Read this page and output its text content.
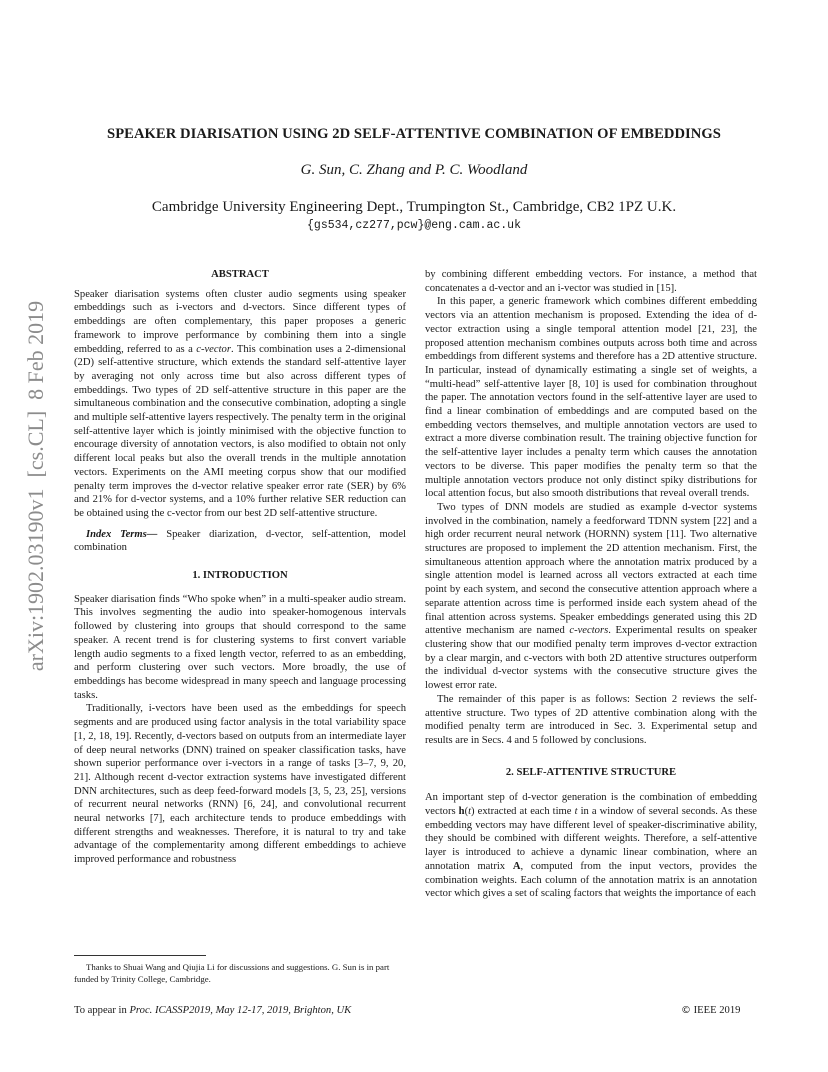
arXiv:1902.03190v1  [cs.CL]  8 Feb 2019
SPEAKER DIARISATION USING 2D SELF-ATTENTIVE COMBINATION OF EMBEDDINGS
G. Sun, C. Zhang and P. C. Woodland
Cambridge University Engineering Dept., Trumpington St., Cambridge, CB2 1PZ U.K.
{gs534,cz277,pcw}@eng.cam.ac.uk
ABSTRACT

Speaker diarisation systems often cluster audio segments using speaker embeddings such as i-vectors and d-vectors. Since different types of embeddings are often complementary, this paper proposes a generic framework to improve performance by combining them into a single embedding, referred to as a c-vector. This combination uses a 2-dimensional (2D) self-attentive structure, which extends the standard self-attentive layer by averaging not only across time but also across different types of embeddings. Two types of 2D self-attentive structure in this paper are the simultaneous combination and the consecutive combination, adopting a single and multiple self-attentive layers respectively. The penalty term in the original self-attentive layer which is jointly minimised with the objective function to encourage diversity of annotation vectors, is also modified to obtain not only different local peaks but also the overall trends in the multiple annotation vectors. Experiments on the AMI meeting corpus show that our modified penalty term improves the d-vector relative speaker error rate (SER) by 6% and 21% for d-vector systems, and a 10% further relative SER reduction can be obtained using the c-vector from our best 2D self-attentive structure.

Index Terms— Speaker diarization, d-vector, self-attention, model combination

1. INTRODUCTION

Speaker diarisation finds “Who spoke when” in a multi-speaker audio stream. This involves segmenting the audio into speaker-homogenous intervals followed by clustering into groups that should correspond to the same speaker. A recent trend is for clustering systems to first convert variable length audio segments to a fixed length vector, referred to as an embedding, and perform clustering over such vectors. More broadly, the use of embeddings has become widespread in many speech and language processing tasks.

Traditionally, i-vectors have been used as the embeddings for speech segments and are produced using factor analysis in the total variability space [1, 2, 18, 19]. Recently, d-vectors based on outputs from an intermediate layer of deep neural networks (DNN) trained on speaker classification tasks, have shown superior performance over i-vectors in a range of tasks [3–7, 9, 20, 21]. Although recent d-vector extraction systems have investigated different DNN architectures, such as deep feed-forward models [3, 5, 23, 25], versions of recurrent neural networks (RNN) [6, 24], and convolutional recurrent neural networks [7], each architecture tends to produce embeddings with different strengths and weaknesses. Therefore, it is natural to try and take advantage of the complementarity among different embeddings to achieve improved performance and robustness

by combining different embedding vectors. For instance, a method that concatenates a d-vector and an i-vector was studied in [15].

In this paper, a generic framework which combines different embedding vectors via an attention mechanism is proposed. Extending the idea of d-vector extraction using a single temporal attention model [21, 23], the proposed attention mechanism combines outputs across both time and across embeddings from different systems and therefore has a 2D attentive structure. In particular, instead of dynamically estimating a single set of weights, a “multi-head” self-attentive layer [8, 10] is used for combination throughout the paper. The annotation vectors found in the self-attentive layer are used to find a linear combination of embeddings and are computed based on the embedding vectors themselves, and multiple annotation vectors are used to extract a more diverse combination result. The training objective function for the self-attentive layer includes a penalty term which causes the annotation vectors to be diverse. This paper modifies the penalty term so that the multiple annotation vectors produce not only distinct spiky distributions for local attention focus, but also smooth distributions that reveal overall trends.

Two types of DNN models are studied as example d-vector systems involved in the combination, namely a feedforward TDNN system [22] and a high order recurrent neural network (HORNN) system [11]. Two alternative structures are proposed to implement the 2D attention mechanism. First, the simultaneous attention approach where the annotation matrix produced by a single attention model is learned across all vectors extracted at each time point by each system, and second the consecutive attention approach where a separate attention across time is performed inside each system ahead of the final attention across systems. Speaker embeddings generated using this 2D attentive mechanism are named c-vectors. Experimental results on speaker clustering show that our modified penalty term improves d-vector extraction by a clear margin, and c-vectors with both 2D attentive structures outperform the individual d-vector systems with the consecutive structure gives the lowest error rate.

The remainder of this paper is as follows: Section 2 reviews the self-attentive structure. Two types of 2D attentive combination along with the modified penalty term are introduced in Sec. 3. Experimental setup and results are in Secs. 4 and 5 followed by conclusions.

2. SELF-ATTENTIVE STRUCTURE

An important step of d-vector generation is the combination of embedding vectors h(t) extracted at each time t in a window of several seconds. As these embedding vectors may have different level of speaker-discriminative ability, they should be combined with different weights. Therefore, a self-attentive layer is introduced to achieve a dynamic linear combination, where an annotation matrix A, computed from the input vectors, provides the combination weights. Each column of the annotation matrix is an annotation vector which gives a set of scaling factors that weights the importance of each

Thanks to Shuai Wang and Qiujia Li for discussions and suggestions. G. Sun is in part funded by Trinity College, Cambridge.

To appear in Proc. ICASSP2019, May 12-17, 2019, Brighton, UK	© IEEE 2019
